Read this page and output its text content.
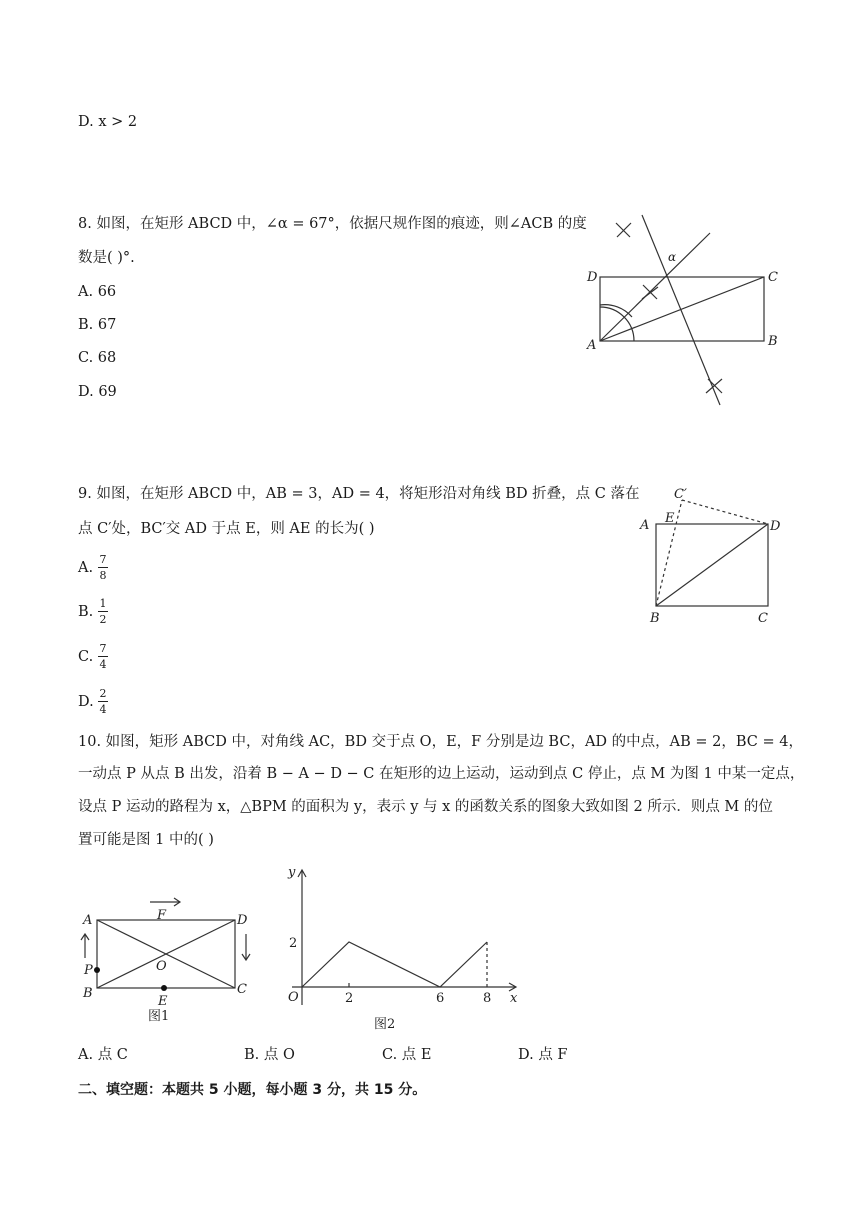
D. x > 2
8. 如图，在矩形 ABCD 中，∠α = 67°，依据尺规作图的痕迹，则∠ACB 的度
数是( )°.
A. 66
B. 67
C. 68
D. 69
D	C
A	B
α
9. 如图，在矩形 ABCD 中，AB = 3，AD = 4，将矩形沿对角线 BD 折叠，点 C 落在
点 C′处，BC′交 AD 于点 E，则 AE 的长为( )
A.
7
8
B.
1
2
C.
7
4
D.
2
4
A E
C′
D
B	C
10. 如图，矩形 ABCD 中，对角线 AC，BD 交于点 O，E，F 分别是边 BC，AD 的中点，AB = 2，BC = 4，
一动点 P 从点 B 出发，沿着 B − A − D − C 在矩形的边上运动，运动到点 C 停止，点 M 为图 1 中某一定点，
设点 P 运动的路程为 x，△BPM 的面积为 y，表示 y 与 x 的函数关系的图象大致如图 2 所示．则点 M 的位
置可能是图 1 中的( )
A	D
B	C
F
O
E
P
图1
y
x
O
2
2	6	8
图2
A. 点 C	B. 点 O	C. 点 E	D. 点 F
二、填空题：本题共 5 小题，每小题 3 分，共 15 分。
